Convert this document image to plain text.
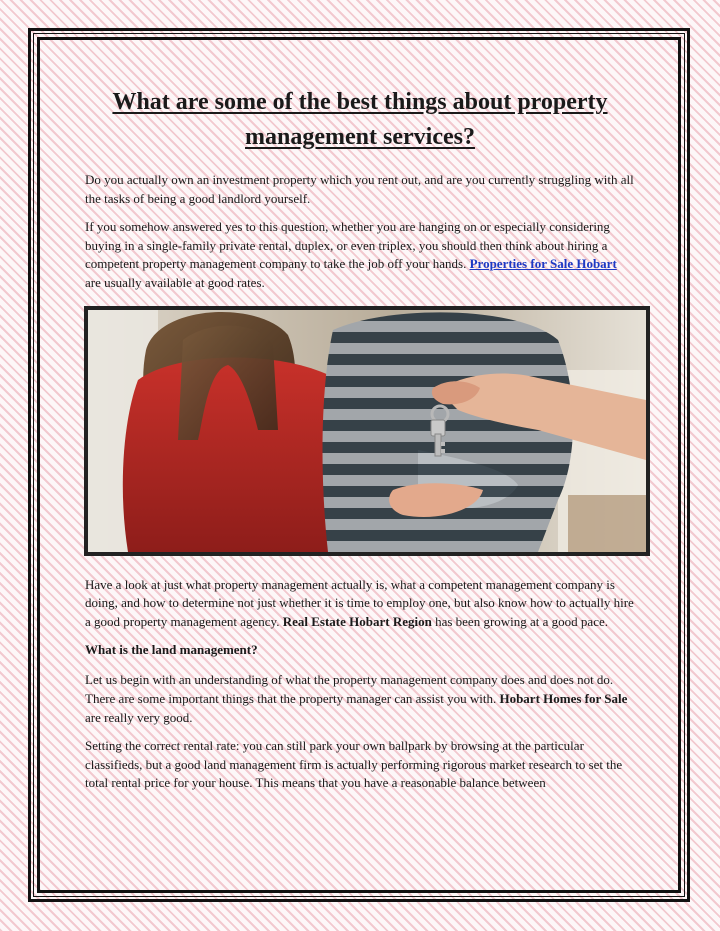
What are some of the best things about property management services?

Do you actually own an investment property which you rent out, and are you currently struggling with all the tasks of being a good landlord yourself.

If you somehow answered yes to this question, whether you are hanging on or especially considering buying in a single-family private rental, duplex, or even triplex, you should then think about hiring a competent property management company to take the job off your hands. Properties for Sale Hobart are usually available at good rates.

Have a look at just what property management actually is, what a competent management company is doing, and how to determine not just whether it is time to employ one, but also know how to actually hire a good property management agency. Real Estate Hobart Region has been growing at a good pace.

What is the land management?

Let us begin with an understanding of what the property management company does and does not do. There are some important things that the property manager can assist you with. Hobart Homes for Sale are really very good.

Setting the correct rental rate: you can still park your own ballpark by browsing at the particular classifieds, but a good land management firm is actually performing rigorous market research to set the total rental price for your house. This means that you have a reasonable balance between
